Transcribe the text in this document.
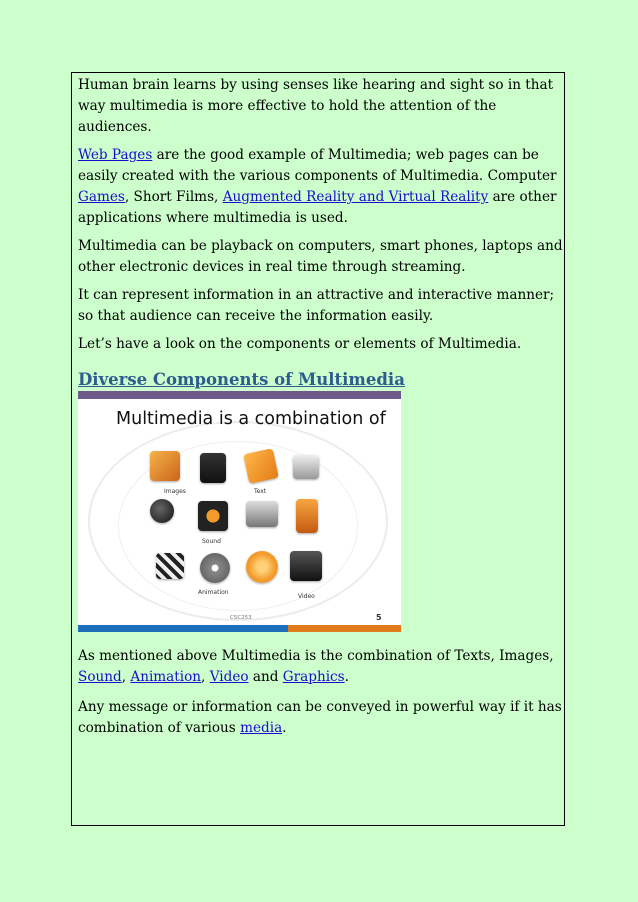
Human brain learns by using senses like hearing and sight so in that way multimedia is more effective to hold the attention of the audiences.

Web Pages are the good example of Multimedia; web pages can be easily created with the various components of Multimedia. Computer Games, Short Films, Augmented Reality and Virtual Reality are other applications where multimedia is used.

Multimedia can be playback on computers, smart phones, laptops and other electronic devices in real time through streaming.

It can represent information in an attractive and interactive manner; so that audience can receive the information easily.

Let’s have a look on the components or elements of Multimedia.

Diverse Components of Multimedia
Multimedia is a combination of
Images	Text
Sound
Animation
Video
CSC253	5

As mentioned above Multimedia is the combination of Texts, Images, Sound, Animation, Video and Graphics.

Any message or information can be conveyed in powerful way if it has combination of various media.
